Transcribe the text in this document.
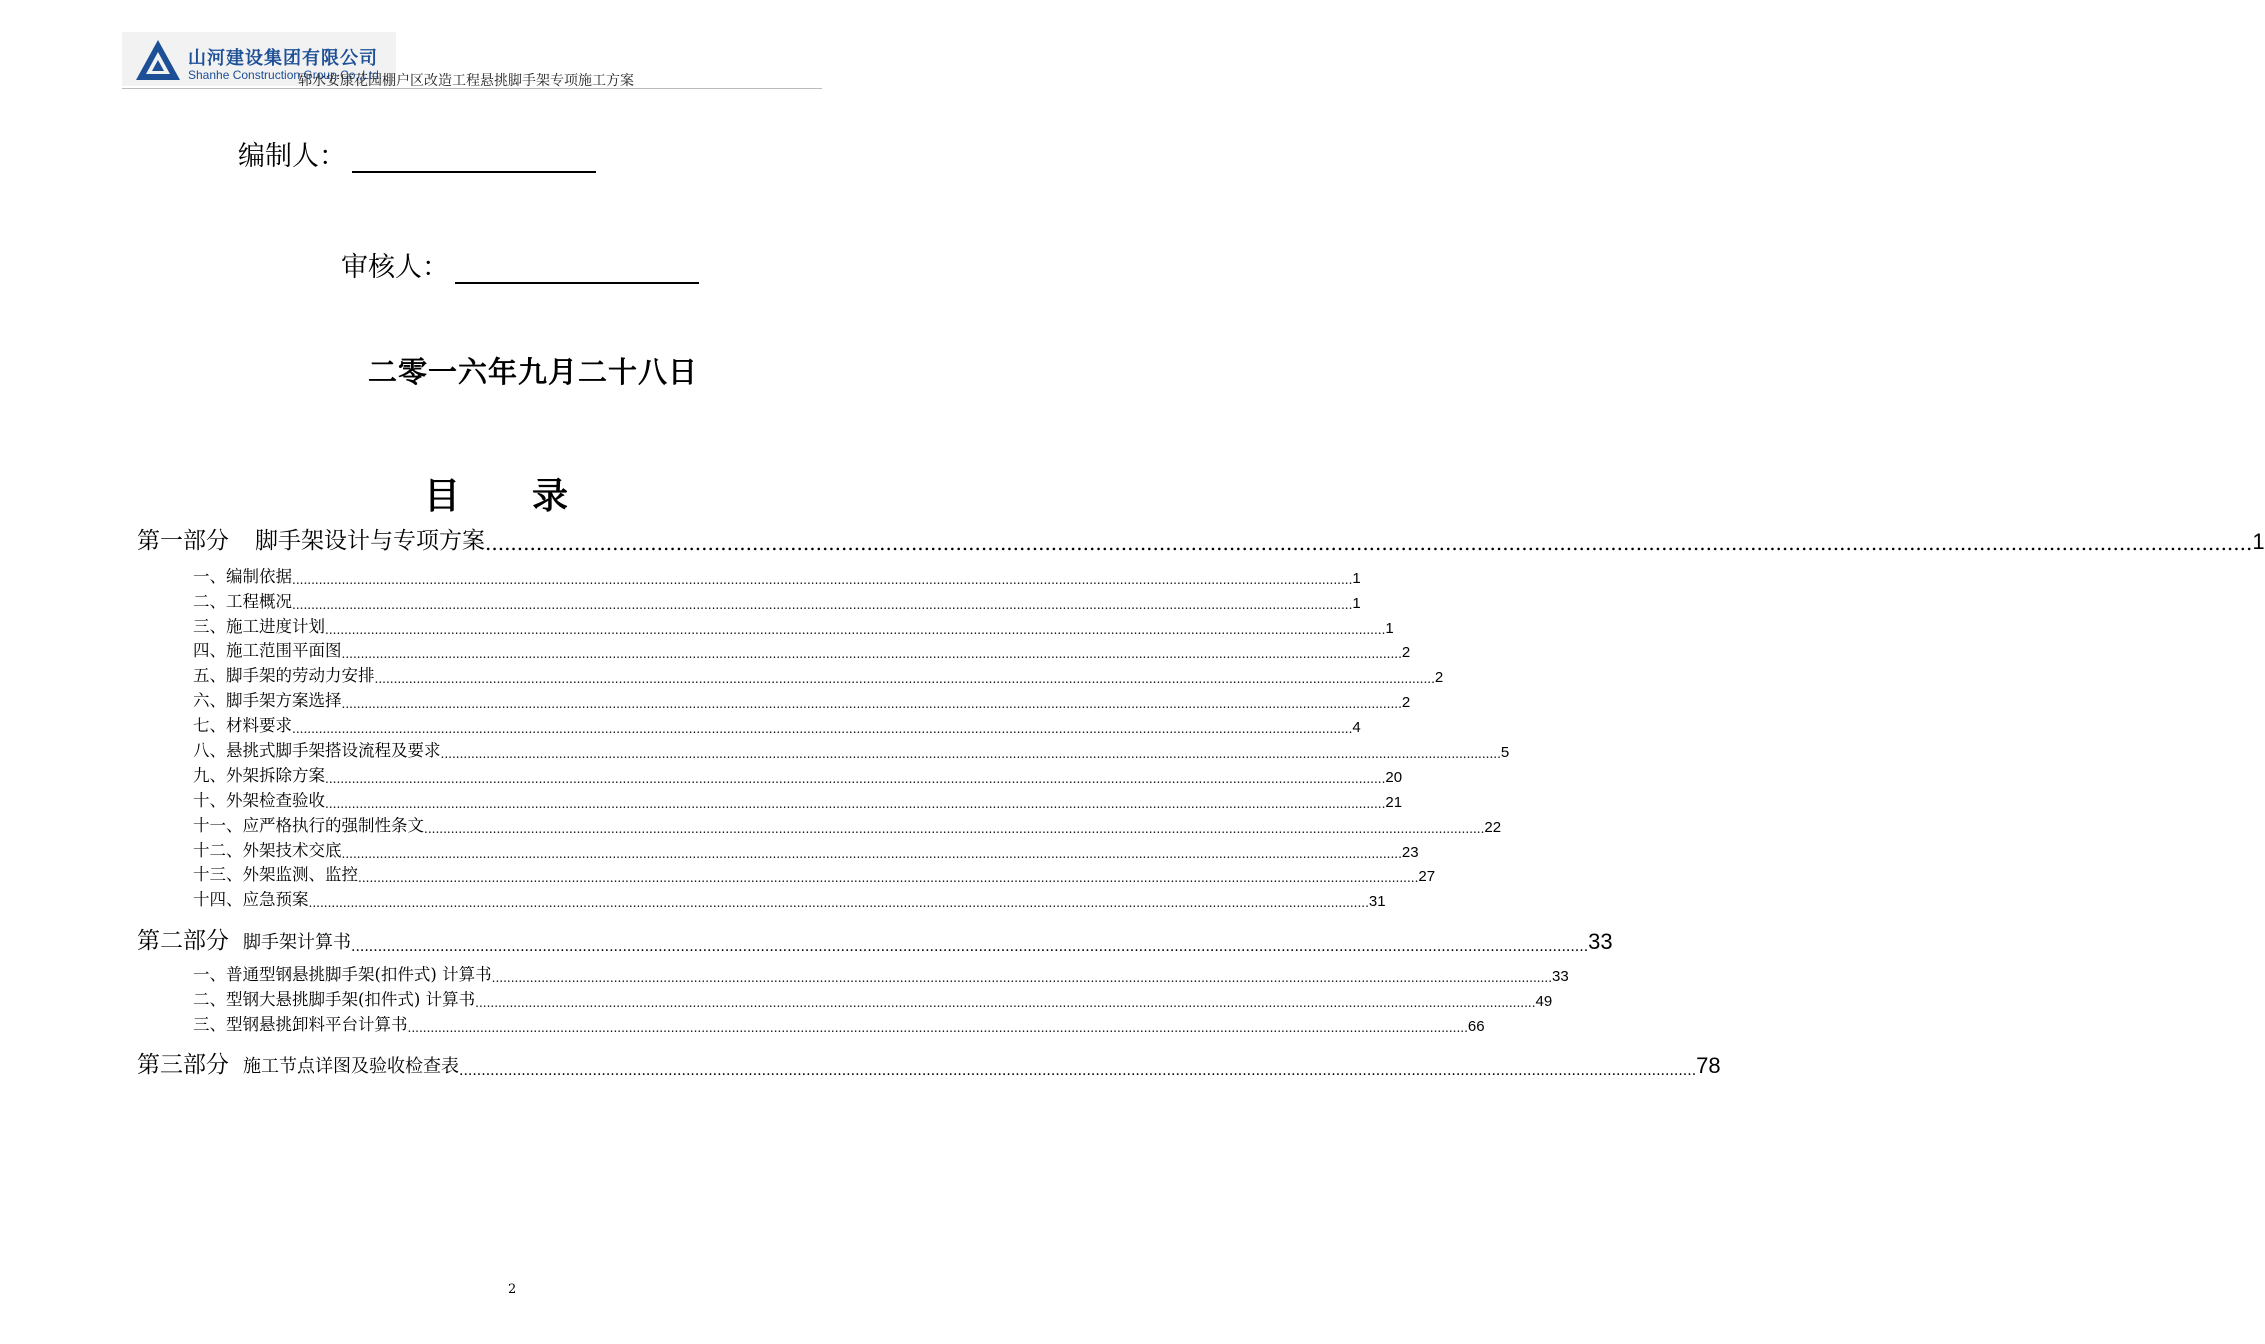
山河建设集团有限公司
Shanhe Construction Group Co.,Ltd.
郓水安康花园棚户区改造工程悬挑脚手架专项施工方案
编制人：
审核人：
二零一六年九月二十八日
目录
第一部分 脚手架设计与专项方案 ...................................................................................................................................................................................................................................................................................... 1
一、编制依据 ...................................................................................................................................................................................................................................................................................... 1
二、工程概况 ...................................................................................................................................................................................................................................................................................... 1
三、施工进度计划 ...................................................................................................................................................................................................................................................................................... 1
四、施工范围平面图 ...................................................................................................................................................................................................................................................................................... 2
五、脚手架的劳动力安排 ...................................................................................................................................................................................................................................................................................... 2
六、脚手架方案选择 ...................................................................................................................................................................................................................................................................................... 2
七、材料要求 ...................................................................................................................................................................................................................................................................................... 4
八、悬挑式脚手架搭设流程及要求 ...................................................................................................................................................................................................................................................................................... 5
九、外架拆除方案 ...................................................................................................................................................................................................................................................................................... 20
十、外架检查验收 ...................................................................................................................................................................................................................................................................................... 21
十一、应严格执行的强制性条文 ...................................................................................................................................................................................................................................................................................... 22
十二、外架技术交底 ...................................................................................................................................................................................................................................................................................... 23
十三、外架监测、监控 ...................................................................................................................................................................................................................................................................................... 27
十四、应急预案 ...................................................................................................................................................................................................................................................................................... 31
第二部分 脚手架计算书 ...................................................................................................................................................................................................................................................................................... 33
一、普通型钢悬挑脚手架(扣件式) 计算书 ...................................................................................................................................................................................................................................................................................... 33
二、型钢大悬挑脚手架(扣件式) 计算书 ...................................................................................................................................................................................................................................................................................... 49
三、型钢悬挑卸料平台计算书 ...................................................................................................................................................................................................................................................................................... 66
第三部分 施工节点详图及验收检查表 ...................................................................................................................................................................................................................................................................................... 78
2
